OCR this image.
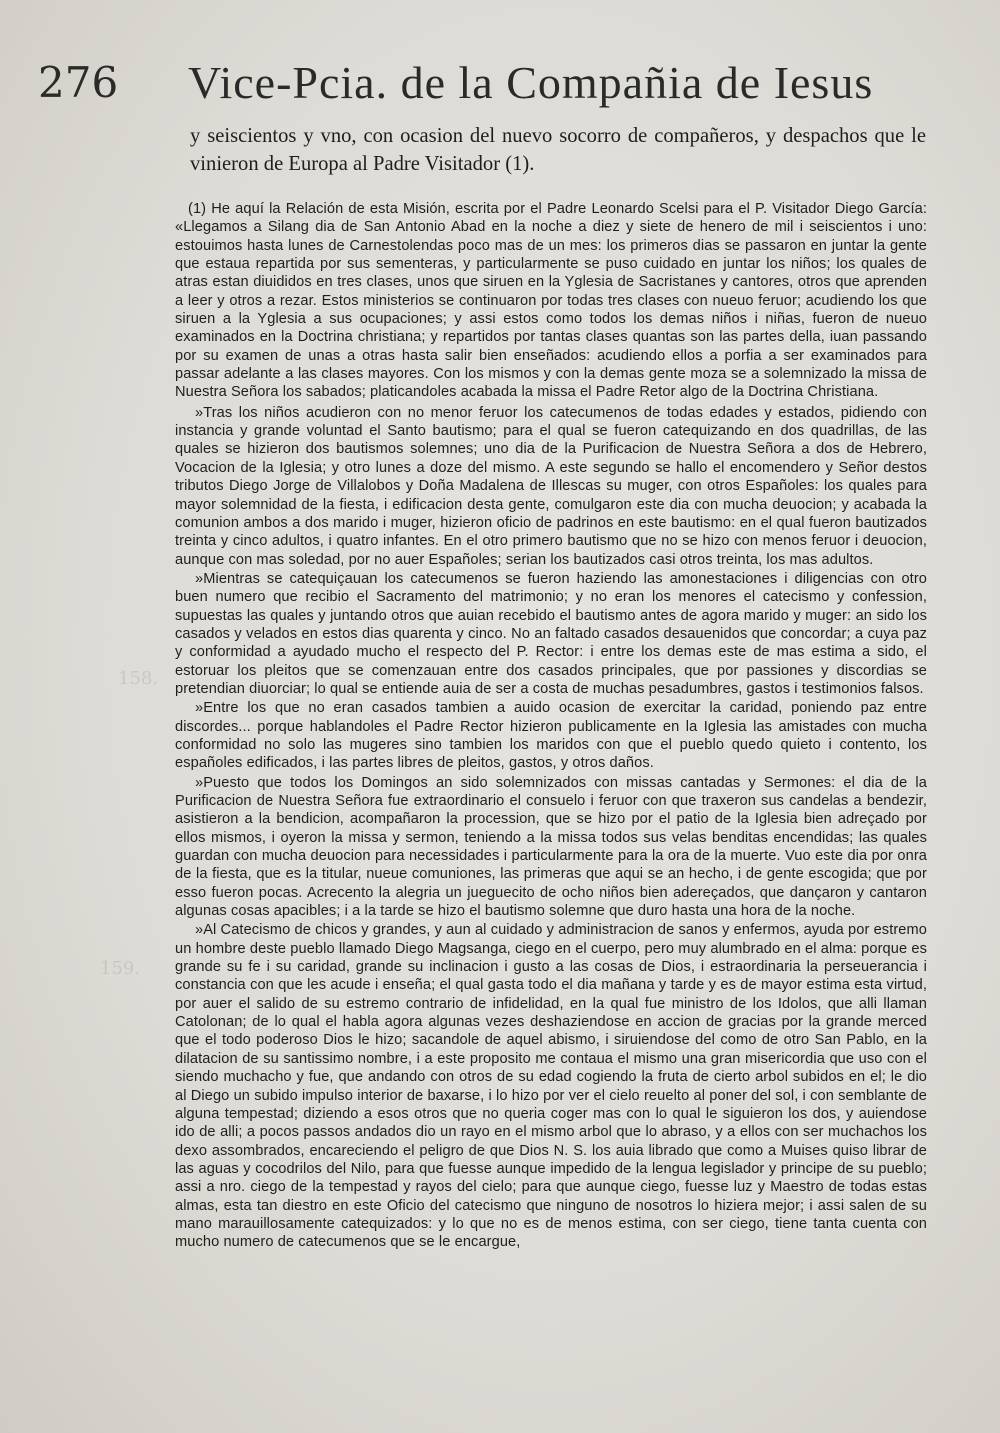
158.
159.
276 Vice-Pcia. de la Compañia de Iesus

y seiscientos y vno, con ocasion del nuevo socorro de compañeros, y despachos que le vinieron de Europa al Padre Visitador (1).

(1) He aquí la Relación de esta Misión, escrita por el Padre Leonardo Scelsi para el P. Visitador Diego García: «Llegamos a Silang dia de San Antonio Abad en la noche a diez y siete de henero de mil i seiscientos i uno: estouimos hasta lunes de Carnestolendas poco mas de un mes: los primeros dias se passaron en juntar la gente que estaua repartida por sus sementeras, y particularmente se puso cuidado en juntar los niños; los quales de atras estan diuididos en tres clases, unos que siruen en la Yglesia de Sacristanes y cantores, otros que aprenden a leer y otros a rezar. Estos ministerios se continuaron por todas tres clases con nueuo feruor; acudiendo los que siruen a la Yglesia a sus ocupaciones; y assi estos como todos los demas niños i niñas, fueron de nueuo examinados en la Doctrina christiana; y repartidos por tantas clases quantas son las partes della, iuan passando por su examen de unas a otras hasta salir bien enseñados: acudiendo ellos a porfia a ser examinados para passar adelante a las clases mayores. Con los mismos y con la demas gente moza se a solemnizado la missa de Nuestra Señora los sabados; platicandoles acabada la missa el Padre Retor algo de la Doctrina Christiana.

»Tras los niños acudieron con no menor feruor los catecumenos de todas edades y estados, pidiendo con instancia y grande voluntad el Santo bautismo; para el qual se fueron catequizando en dos quadrillas, de las quales se hizieron dos bautismos solemnes; uno dia de la Purificacion de Nuestra Señora a dos de Hebrero, Vocacion de la Iglesia; y otro lunes a doze del mismo. A este segundo se hallo el encomendero y Señor destos tributos Diego Jorge de Villalobos y Doña Madalena de Illescas su muger, con otros Españoles: los quales para mayor solemnidad de la fiesta, i edificacion desta gente, comulgaron este dia con mucha deuocion; y acabada la comunion ambos a dos marido i muger, hizieron oficio de padrinos en este bautismo: en el qual fueron bautizados treinta y cinco adultos, i quatro infantes. En el otro primero bautismo que no se hizo con menos feruor i deuocion, aunque con mas soledad, por no auer Españoles; serian los bautizados casi otros treinta, los mas adultos.

»Mientras se catequiçauan los catecumenos se fueron haziendo las amonestaciones i diligencias con otro buen numero que recibio el Sacramento del matrimonio; y no eran los menores el catecismo y confession, supuestas las quales y juntando otros que auian recebido el bautismo antes de agora marido y muger: an sido los casados y velados en estos dias quarenta y cinco. No an faltado casados desauenidos que concordar; a cuya paz y conformidad a ayudado mucho el respecto del P. Rector: i entre los demas este de mas estima a sido, el estoruar los pleitos que se comenzauan entre dos casados principales, que por passiones y discordias se pretendian diuorciar; lo qual se entiende auia de ser a costa de muchas pesadumbres, gastos i testimonios falsos.

»Entre los que no eran casados tambien a auido ocasion de exercitar la caridad, poniendo paz entre discordes... porque hablandoles el Padre Rector hizieron publicamente en la Iglesia las amistades con mucha conformidad no solo las mugeres sino tambien los maridos con que el pueblo quedo quieto i contento, los españoles edificados, i las partes libres de pleitos, gastos, y otros daños.

»Puesto que todos los Domingos an sido solemnizados con missas cantadas y Sermones: el dia de la Purificacion de Nuestra Señora fue extraordinario el consuelo i feruor con que traxeron sus candelas a bendezir, asistieron a la bendicion, acompañaron la procession, que se hizo por el patio de la Iglesia bien adreçado por ellos mismos, i oyeron la missa y sermon, teniendo a la missa todos sus velas benditas encendidas; las quales guardan con mucha deuocion para necessidades i particularmente para la ora de la muerte. Vuo este dia por onra de la fiesta, que es la titular, nueue comuniones, las primeras que aqui se an hecho, i de gente escogida; que por esso fueron pocas. Acrecento la alegria un jueguecito de ocho niños bien adereçados, que dançaron y cantaron algunas cosas apacibles; i a la tarde se hizo el bautismo solemne que duro hasta una hora de la noche.

»Al Catecismo de chicos y grandes, y aun al cuidado y administracion de sanos y enfermos, ayuda por estremo un hombre deste pueblo llamado Diego Magsanga, ciego en el cuerpo, pero muy alumbrado en el alma: porque es grande su fe i su caridad, grande su inclinacion i gusto a las cosas de Dios, i estraordinaria la perseuerancia i constancia con que les acude i enseña; el qual gasta todo el dia mañana y tarde y es de mayor estima esta virtud, por auer el salido de su estremo contrario de infidelidad, en la qual fue ministro de los Idolos, que alli llaman Catolonan; de lo qual el habla agora algunas vezes deshaziendose en accion de gracias por la grande merced que el todo poderoso Dios le hizo; sacandole de aquel abismo, i siruiendose del como de otro San Pablo, en la dilatacion de su santissimo nombre, i a este proposito me contaua el mismo una gran misericordia que uso con el siendo muchacho y fue, que andando con otros de su edad cogiendo la fruta de cierto arbol subidos en el; le dio al Diego un subido impulso interior de baxarse, i lo hizo por ver el cielo reuelto al poner del sol, i con semblante de alguna tempestad; diziendo a esos otros que no queria coger mas con lo qual le siguieron los dos, y auiendose ido de alli; a pocos passos andados dio un rayo en el mismo arbol que lo abraso, y a ellos con ser muchachos los dexo assombrados, encareciendo el peligro de que Dios N. S. los auia librado que como a Muises quiso librar de las aguas y cocodrilos del Nilo, para que fuesse aunque impedido de la lengua legislador y principe de su pueblo; assi a nro. ciego de la tempestad y rayos del cielo; para que aunque ciego, fuesse luz y Maestro de todas estas almas, esta tan diestro en este Oficio del catecismo que ninguno de nosotros lo hiziera mejor; i assi salen de su mano marauillosamente catequizados: y lo que no es de menos estima, con ser ciego, tiene tanta cuenta con mucho numero de catecumenos que se le encargue,
